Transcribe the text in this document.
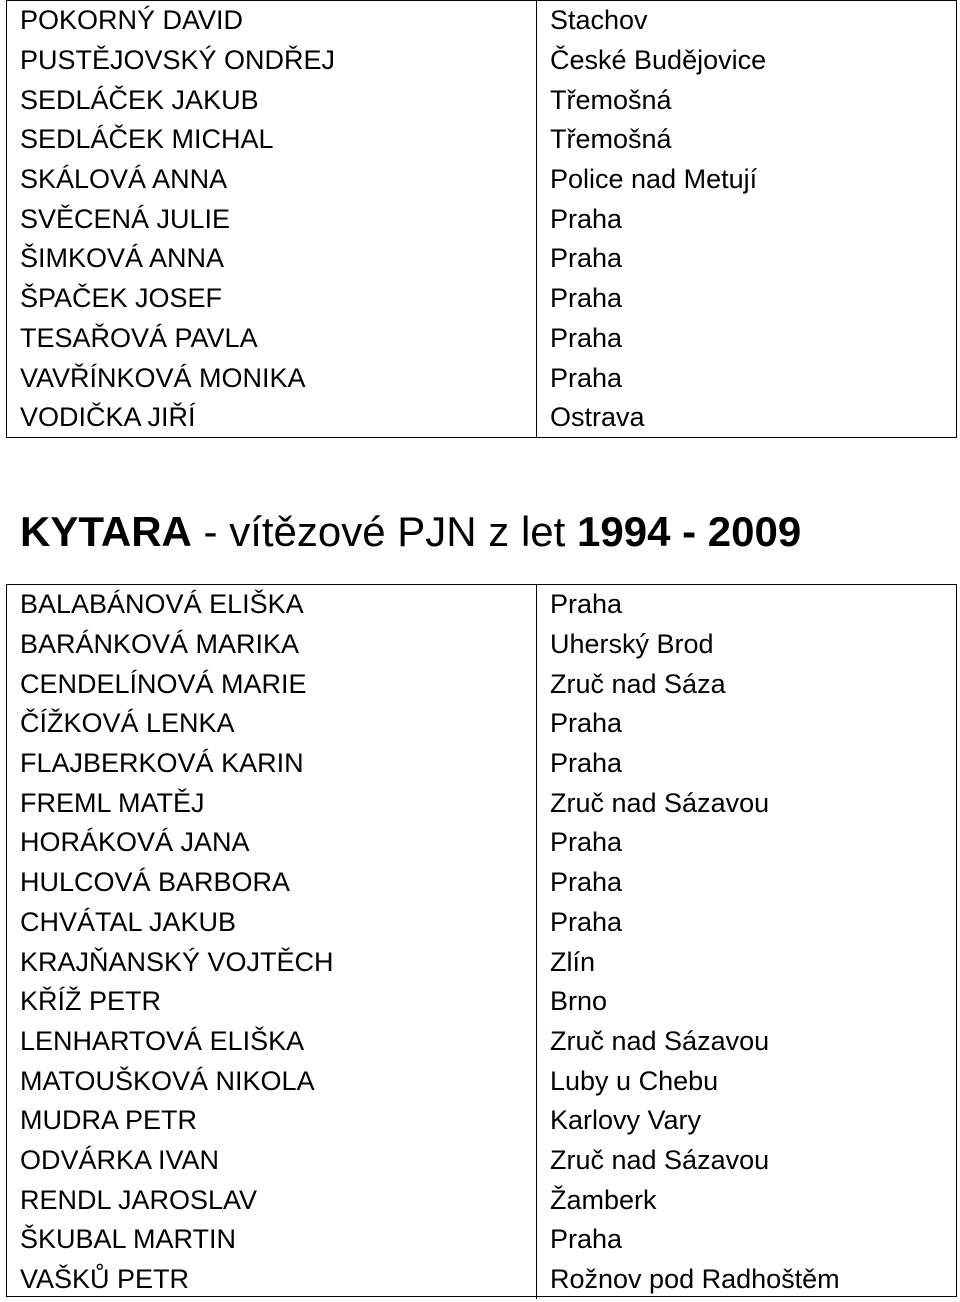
POKORNÝ DAVID	Stachov
PUSTĚJOVSKÝ ONDŘEJ	České Budějovice
SEDLÁČEK JAKUB	Třemošná
SEDLÁČEK MICHAL	Třemošná
SKÁLOVÁ ANNA	Police nad Metují
SVĚCENÁ JULIE	Praha
ŠIMKOVÁ ANNA	Praha
ŠPAČEK JOSEF	Praha
TESAŘOVÁ PAVLA	Praha
VAVŘÍNKOVÁ MONIKA	Praha
VODIČKA JIŘÍ	Ostrava
KYTARA - vítězové PJN z let 1994 - 2009
BALABÁNOVÁ ELIŠKA	Praha
BARÁNKOVÁ MARIKA	Uherský Brod
CENDELÍNOVÁ MARIE	Zruč nad Sáza
ČÍŽKOVÁ LENKA	Praha
FLAJBERKOVÁ KARIN	Praha
FREML MATĚJ	Zruč nad Sázavou
HORÁKOVÁ JANA	Praha
HULCOVÁ BARBORA	Praha
CHVÁTAL JAKUB	Praha
KRAJŇANSKÝ VOJTĚCH	Zlín
KŘÍŽ PETR	Brno
LENHARTOVÁ ELIŠKA	Zruč nad Sázavou
MATOUŠKOVÁ NIKOLA	Luby u Chebu
MUDRA PETR	Karlovy Vary
ODVÁRKA IVAN	Zruč nad Sázavou
RENDL JAROSLAV	Žamberk
ŠKUBAL MARTIN	Praha
VAŠKŮ PETR	Rožnov pod Radhoštěm
